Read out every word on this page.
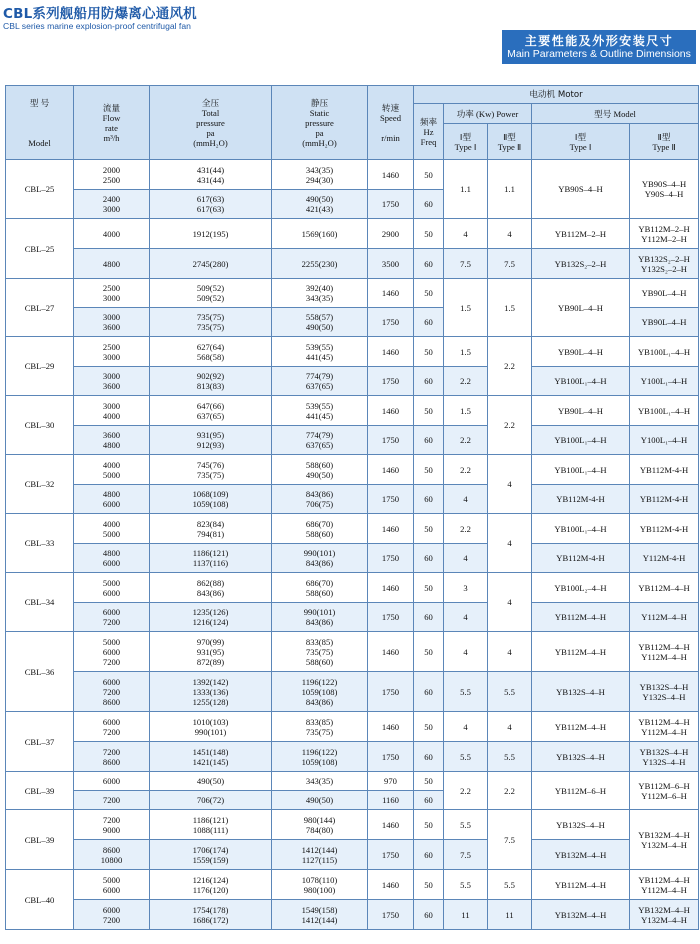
CBL系列舰船用防爆离心通风机
CBL series marine explosion-proof centrifugal fan
主要性能及外形安装尺寸
Main Parameters & Outline Dimensions
型 号

Model	流量
Flow
rate
m³/h	全压
Total
pressure
pa
(mmH₂O)	静压
Static
pressure
pa
(mmH₂O)	转速
Speed

r/min	电动机 Motor				
					频率
Hz
Freq	功率 (Kw) Power		型号 Model	
						Ⅰ型
Type Ⅰ	Ⅱ型
Type Ⅱ	Ⅰ型
Type Ⅰ	Ⅱ型
Type Ⅱ
CBL–25	2000
2500	431(44)
431(44)	343(35)
294(30)	1460	50	1.1	1.1	YB90S–4–H	YB90S–4–H
Y90S–4–H
	2400
3000	617(63)
617(63)	490(50)
421(43)	1750	60				
CBL–25	4000	1912(195)	1569(160)	2900	50	4	4	YB112M–2–H	YB112M–2–H
Y112M–2–H
	4800	2745(280)	2255(230)	3500	60	7.5	7.5	YB132S₂–2–H	YB132S₂–2–H
Y132S₂–2–H
CBL–27	2500
3000	509(52)
509(52)	392(40)
343(35)	1460	50	1.5	1.5	YB90L–4–H	YB90L–4–H
	3000
3600	735(75)
735(75)	558(57)
490(50)	1750	60				YB90L–4–H
CBL–29	2500
3000	627(64)
568(58)	539(55)
441(45)	1460	50	1.5	2.2	YB90L–4–H	YB100L₁–4–H
	3000
3600	902(92)
813(83)	774(79)
637(65)	1750	60	2.2		YB100L₁–4–H	Y100L₁–4–H
CBL–30	3000
4000	647(66)
637(65)	539(55)
441(45)	1460	50	1.5	2.2	YB90L–4–H	YB100L₁–4–H
	3600
4800	931(95)
912(93)	774(79)
637(65)	1750	60	2.2		YB100L₁–4–H	Y100L₁–4–H
CBL–32	4000
5000	745(76)
735(75)	588(60)
490(50)	1460	50	2.2	4	YB100L₁–4–H	YB112M-4-H
	4800
6000	1068(109)
1059(108)	843(86)
706(75)	1750	60	4		YB112M-4-H	YB112M-4-H
CBL–33	4000
5000	823(84)
794(81)	686(70)
588(60)	1460	50	2.2	4	YB100L₁–4–H	YB112M-4-H
	4800
6000	1186(121)
1137(116)	990(101)
843(86)	1750	60	4		YB112M-4-H	Y112M-4-H
CBL–34	5000
6000	862(88)
843(86)	686(70)
588(60)	1460	50	3	4	YB100L₂–4–H	YB112M–4–H
	6000
7200	1235(126)
1216(124)	990(101)
843(86)	1750	60	4		YB112M–4–H	Y112M–4–H
CBL–36	5000
6000
7200	970(99)
931(95)
872(89)	833(85)
735(75)
588(60)	1460	50	4	4	YB112M–4–H	YB112M–4–H
Y112M–4–H
	6000
7200
8600	1392(142)
1333(136)
1255(128)	1196(122)
1059(108)
843(86)	1750	60	5.5	5.5	YB132S–4–H	YB132S–4–H
Y132S–4–H
CBL–37	6000
7200	1010(103)
990(101)	833(85)
735(75)	1460	50	4	4	YB112M–4–H	YB112M–4–H
Y112M–4–H
	7200
8600	1451(148)
1421(145)	1196(122)
1059(108)	1750	60	5.5	5.5	YB132S–4–H	YB132S–4–H
Y132S–4–H
CBL–39	6000	490(50)	343(35)	970	50	2.2	2.2	YB112M–6–H	YB112M–6–H
Y112M–6–H
	7200	706(72)	490(50)	1160	60				
CBL–39	7200
9000	1186(121)
1088(111)	980(144)
784(80)	1460	50	5.5	7.5	YB132S–4–H	YB132M–4–H
Y132M–4–H
	8600
10800	1706(174)
1559(159)	1412(144)
1127(115)	1750	60	7.5		YB132M–4–H	
CBL–40	5000
6000	1216(124)
1176(120)	1078(110)
980(100)	1460	50	5.5	5.5	YB112M–4–H	YB112M–4–H
Y112M–4–H
	6000
7200	1754(178)
1686(172)	1549(158)
1412(144)	1750	60	11	11	YB132M–4–H	YB132M–4–H
Y132M–4–H
